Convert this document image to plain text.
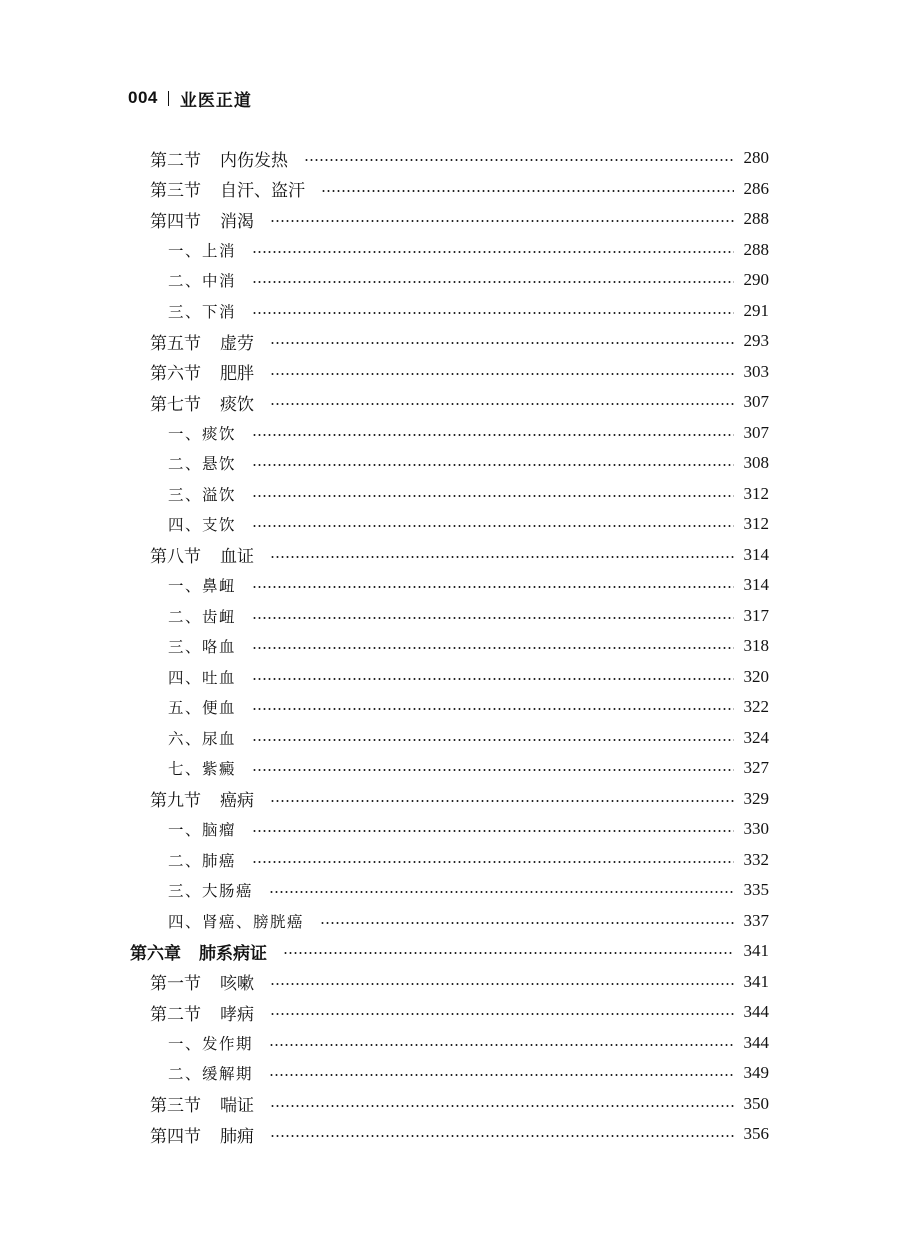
004 业医正道
第二节 内伤发热	280
第三节 自汗、盗汗	286
第四节 消渴	288
一、 上消	288
二、 中消	290
三、 下消	291
第五节 虚劳	293
第六节 肥胖	303
第七节 痰饮	307
一、 痰饮	307
二、 悬饮	308
三、 溢饮	312
四、 支饮	312
第八节 血证	314
一、 鼻衄	314
二、 齿衄	317
三、 咯血	318
四、 吐血	320
五、 便血	322
六、 尿血	324
七、 紫癜	327
第九节 癌病	329
一、 脑瘤	330
二、 肺癌	332
三、 大肠癌	335
四、 肾癌、膀胱癌	337
第六章 肺系病证	341
第一节 咳嗽	341
第二节 哮病	344
一、 发作期	344
二、 缓解期	349
第三节 喘证	350
第四节 肺痈	356
